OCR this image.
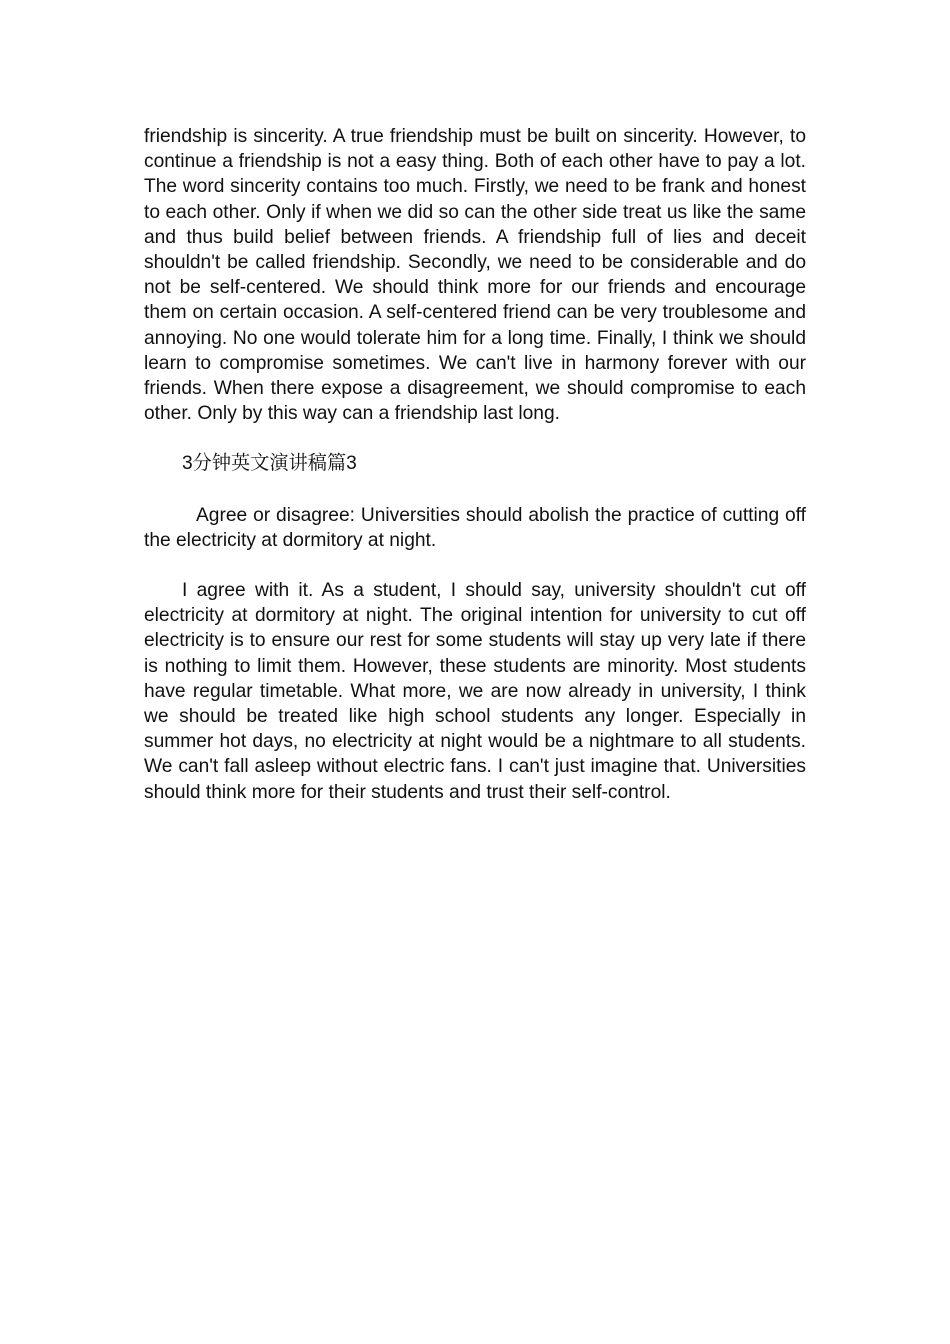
friendship is sincerity. A true friendship must be built on sincerity. However, to continue a friendship is not a easy thing. Both of each other have to pay a lot. The word sincerity contains too much. Firstly, we need to be frank and honest to each other. Only if when we did so can the other side treat us like the same and thus build belief between friends. A friendship full of lies and deceit shouldn't be called friendship. Secondly, we need to be considerable and do not be self-centered. We should think more for our friends and encourage them on certain occasion. A self-centered friend can be very troublesome and annoying. No one would tolerate him for a long time. Finally, I think we should learn to compromise sometimes. We can't live in harmony forever with our friends. When there expose a disagreement, we should compromise to each other. Only by this way can a friendship last long.

3分钟英文演讲稿篇3

Agree or disagree: Universities should abolish the practice of cutting off the electricity at dormitory at night.

I agree with it. As a student, I should say, university shouldn't cut off electricity at dormitory at night. The original intention for university to cut off electricity is to ensure our rest for some students will stay up very late if there is nothing to limit them. However, these students are minority. Most students have regular timetable. What more, we are now already in university, I think we should be treated like high school students any longer. Especially in summer hot days, no electricity at night would be a nightmare to all students. We can't fall asleep without electric fans. I can't just imagine that. Universities should think more for their students and trust their self-control.
